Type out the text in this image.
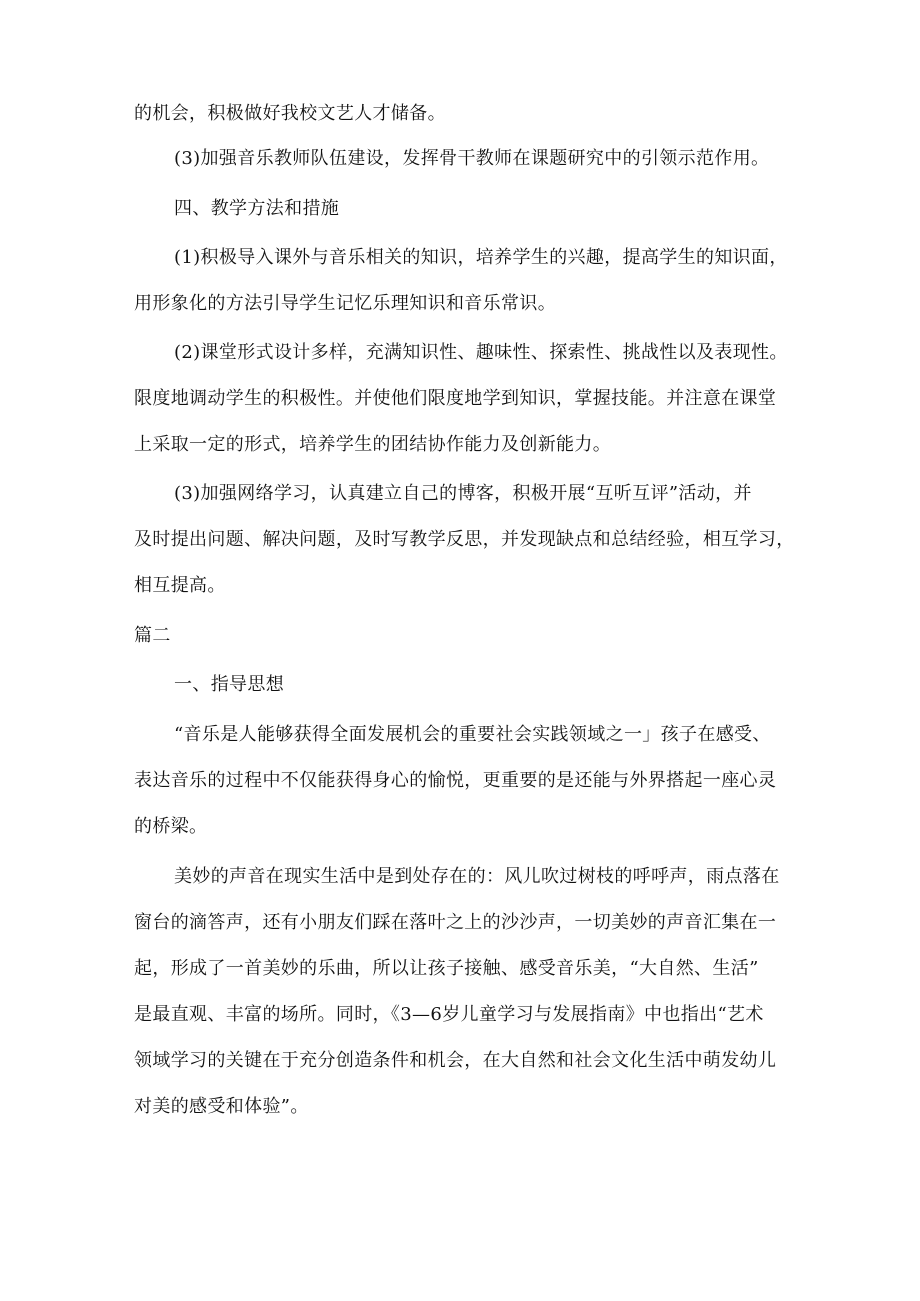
的机会，积极做好我校文艺人才储备。

(3)加强音乐教师队伍建设，发挥骨干教师在课题研究中的引领示范作用。

四、教学方法和措施

(1)积极导入课外与音乐相关的知识，培养学生的兴趣，提高学生的知识面，

用形象化的方法引导学生记忆乐理知识和音乐常识。

(2)课堂形式设计多样，充满知识性、趣味性、探索性、挑战性以及表现性。

限度地调动学生的积极性。并使他们限度地学到知识，掌握技能。并注意在课堂

上采取一定的形式，培养学生的团结协作能力及创新能力。

(3)加强网络学习，认真建立自己的博客，积极开展“互听互评”活动，并

及时提出问题、解决问题，及时写教学反思，并发现缺点和总结经验，相互学习，

相互提高。

篇二

一、指导思想

“音乐是人能够获得全面发展机会的重要社会实践领域之一」孩子在感受、

表达音乐的过程中不仅能获得身心的愉悦，更重要的是还能与外界搭起一座心灵

的桥梁。

美妙的声音在现实生活中是到处存在的：风儿吹过树枝的呼呼声，雨点落在

窗台的滴答声，还有小朋友们踩在落叶之上的沙沙声，一切美妙的声音汇集在一

起，形成了一首美妙的乐曲，所以让孩子接触、感受音乐美，“大自然、生活”

是最直观、丰富的场所。同时，《3—6岁儿童学习与发展指南》中也指出“艺术

领域学习的关键在于充分创造条件和机会，在大自然和社会文化生活中萌发幼儿

对美的感受和体验”。
